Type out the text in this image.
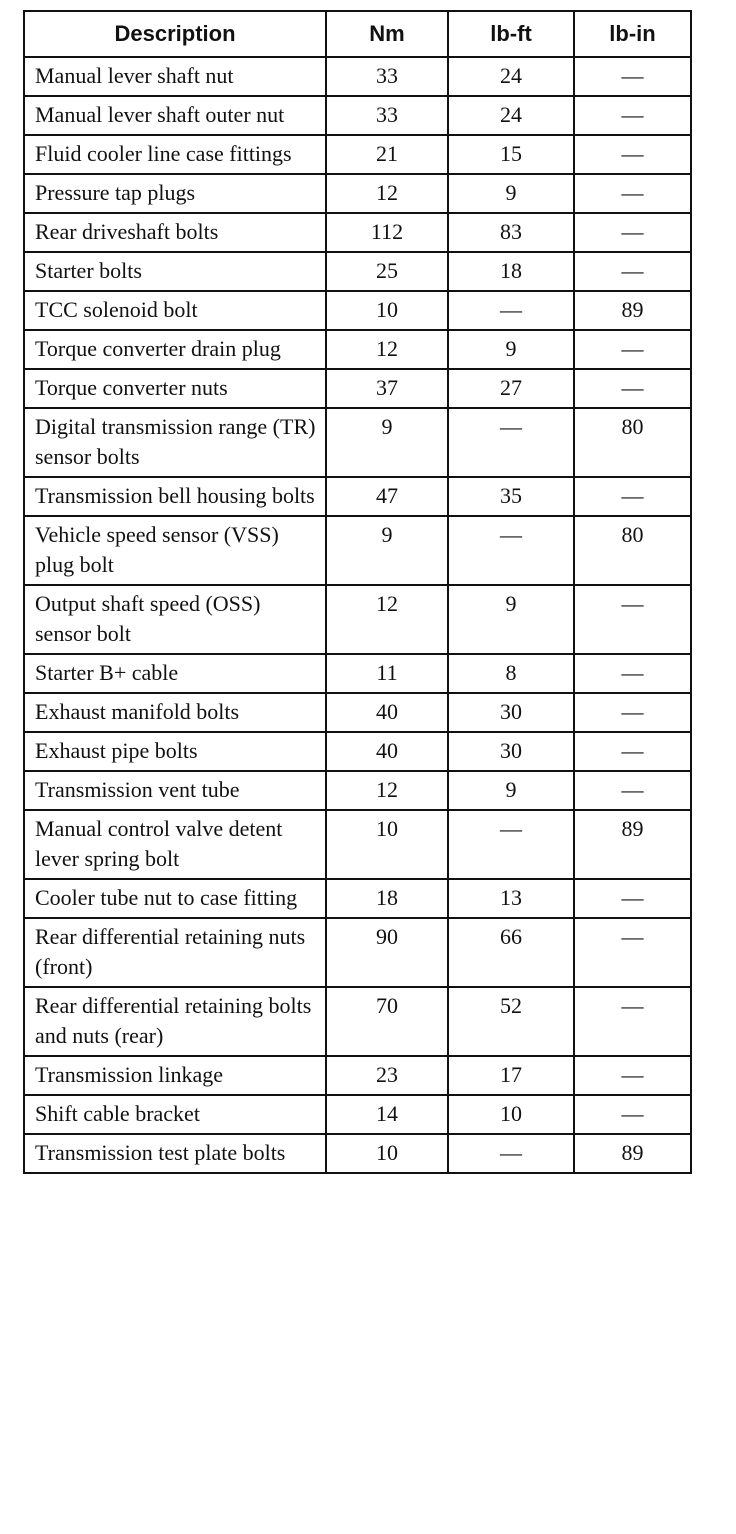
Description	Nm	lb-ft	lb-in
Manual lever shaft nut	33	24	—
Manual lever shaft outer nut	33	24	—
Fluid cooler line case fittings	21	15	—
Pressure tap plugs	12	9	—
Rear driveshaft bolts	112	83	—
Starter bolts	25	18	—
TCC solenoid bolt	10	—	89
Torque converter drain plug	12	9	—
Torque converter nuts	37	27	—
Digital transmission range (TR) sensor bolts	9	—	80
Transmission bell housing bolts	47	35	—
Vehicle speed sensor (VSS) plug bolt	9	—	80
Output shaft speed (OSS) sensor bolt	12	9	—
Starter B+ cable	11	8	—
Exhaust manifold bolts	40	30	—
Exhaust pipe bolts	40	30	—
Transmission vent tube	12	9	—
Manual control valve detent lever spring bolt	10	—	89
Cooler tube nut to case fitting	18	13	—
Rear differential retaining nuts (front)	90	66	—
Rear differential retaining bolts and nuts (rear)	70	52	—
Transmission linkage	23	17	—
Shift cable bracket	14	10	—
Transmission test plate bolts	10	—	89
